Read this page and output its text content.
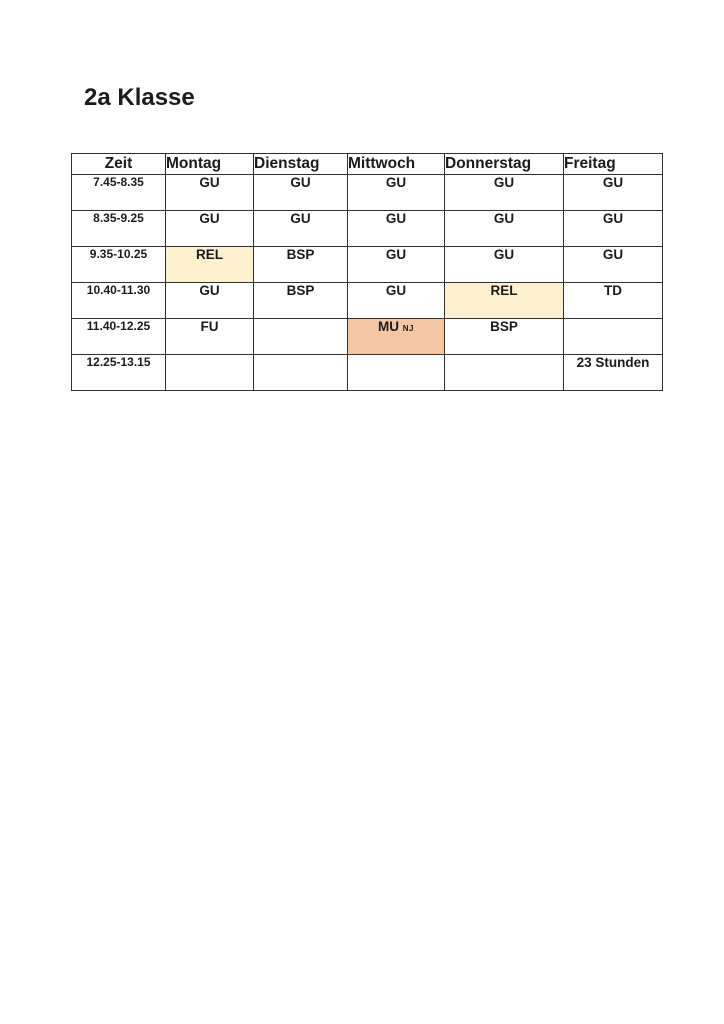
2a Klasse
Zeit	Montag	Dienstag	Mittwoch	Donnerstag	Freitag
7.45-8.35	GU	GU	GU	GU	GU
8.35-9.25	GU	GU	GU	GU	GU
9.35-10.25	REL	BSP	GU	GU	GU
10.40-11.30	GU	BSP	GU	REL	TD
11.40-12.25	FU		MU NJ	BSP	
12.25-13.15					23 Stunden
